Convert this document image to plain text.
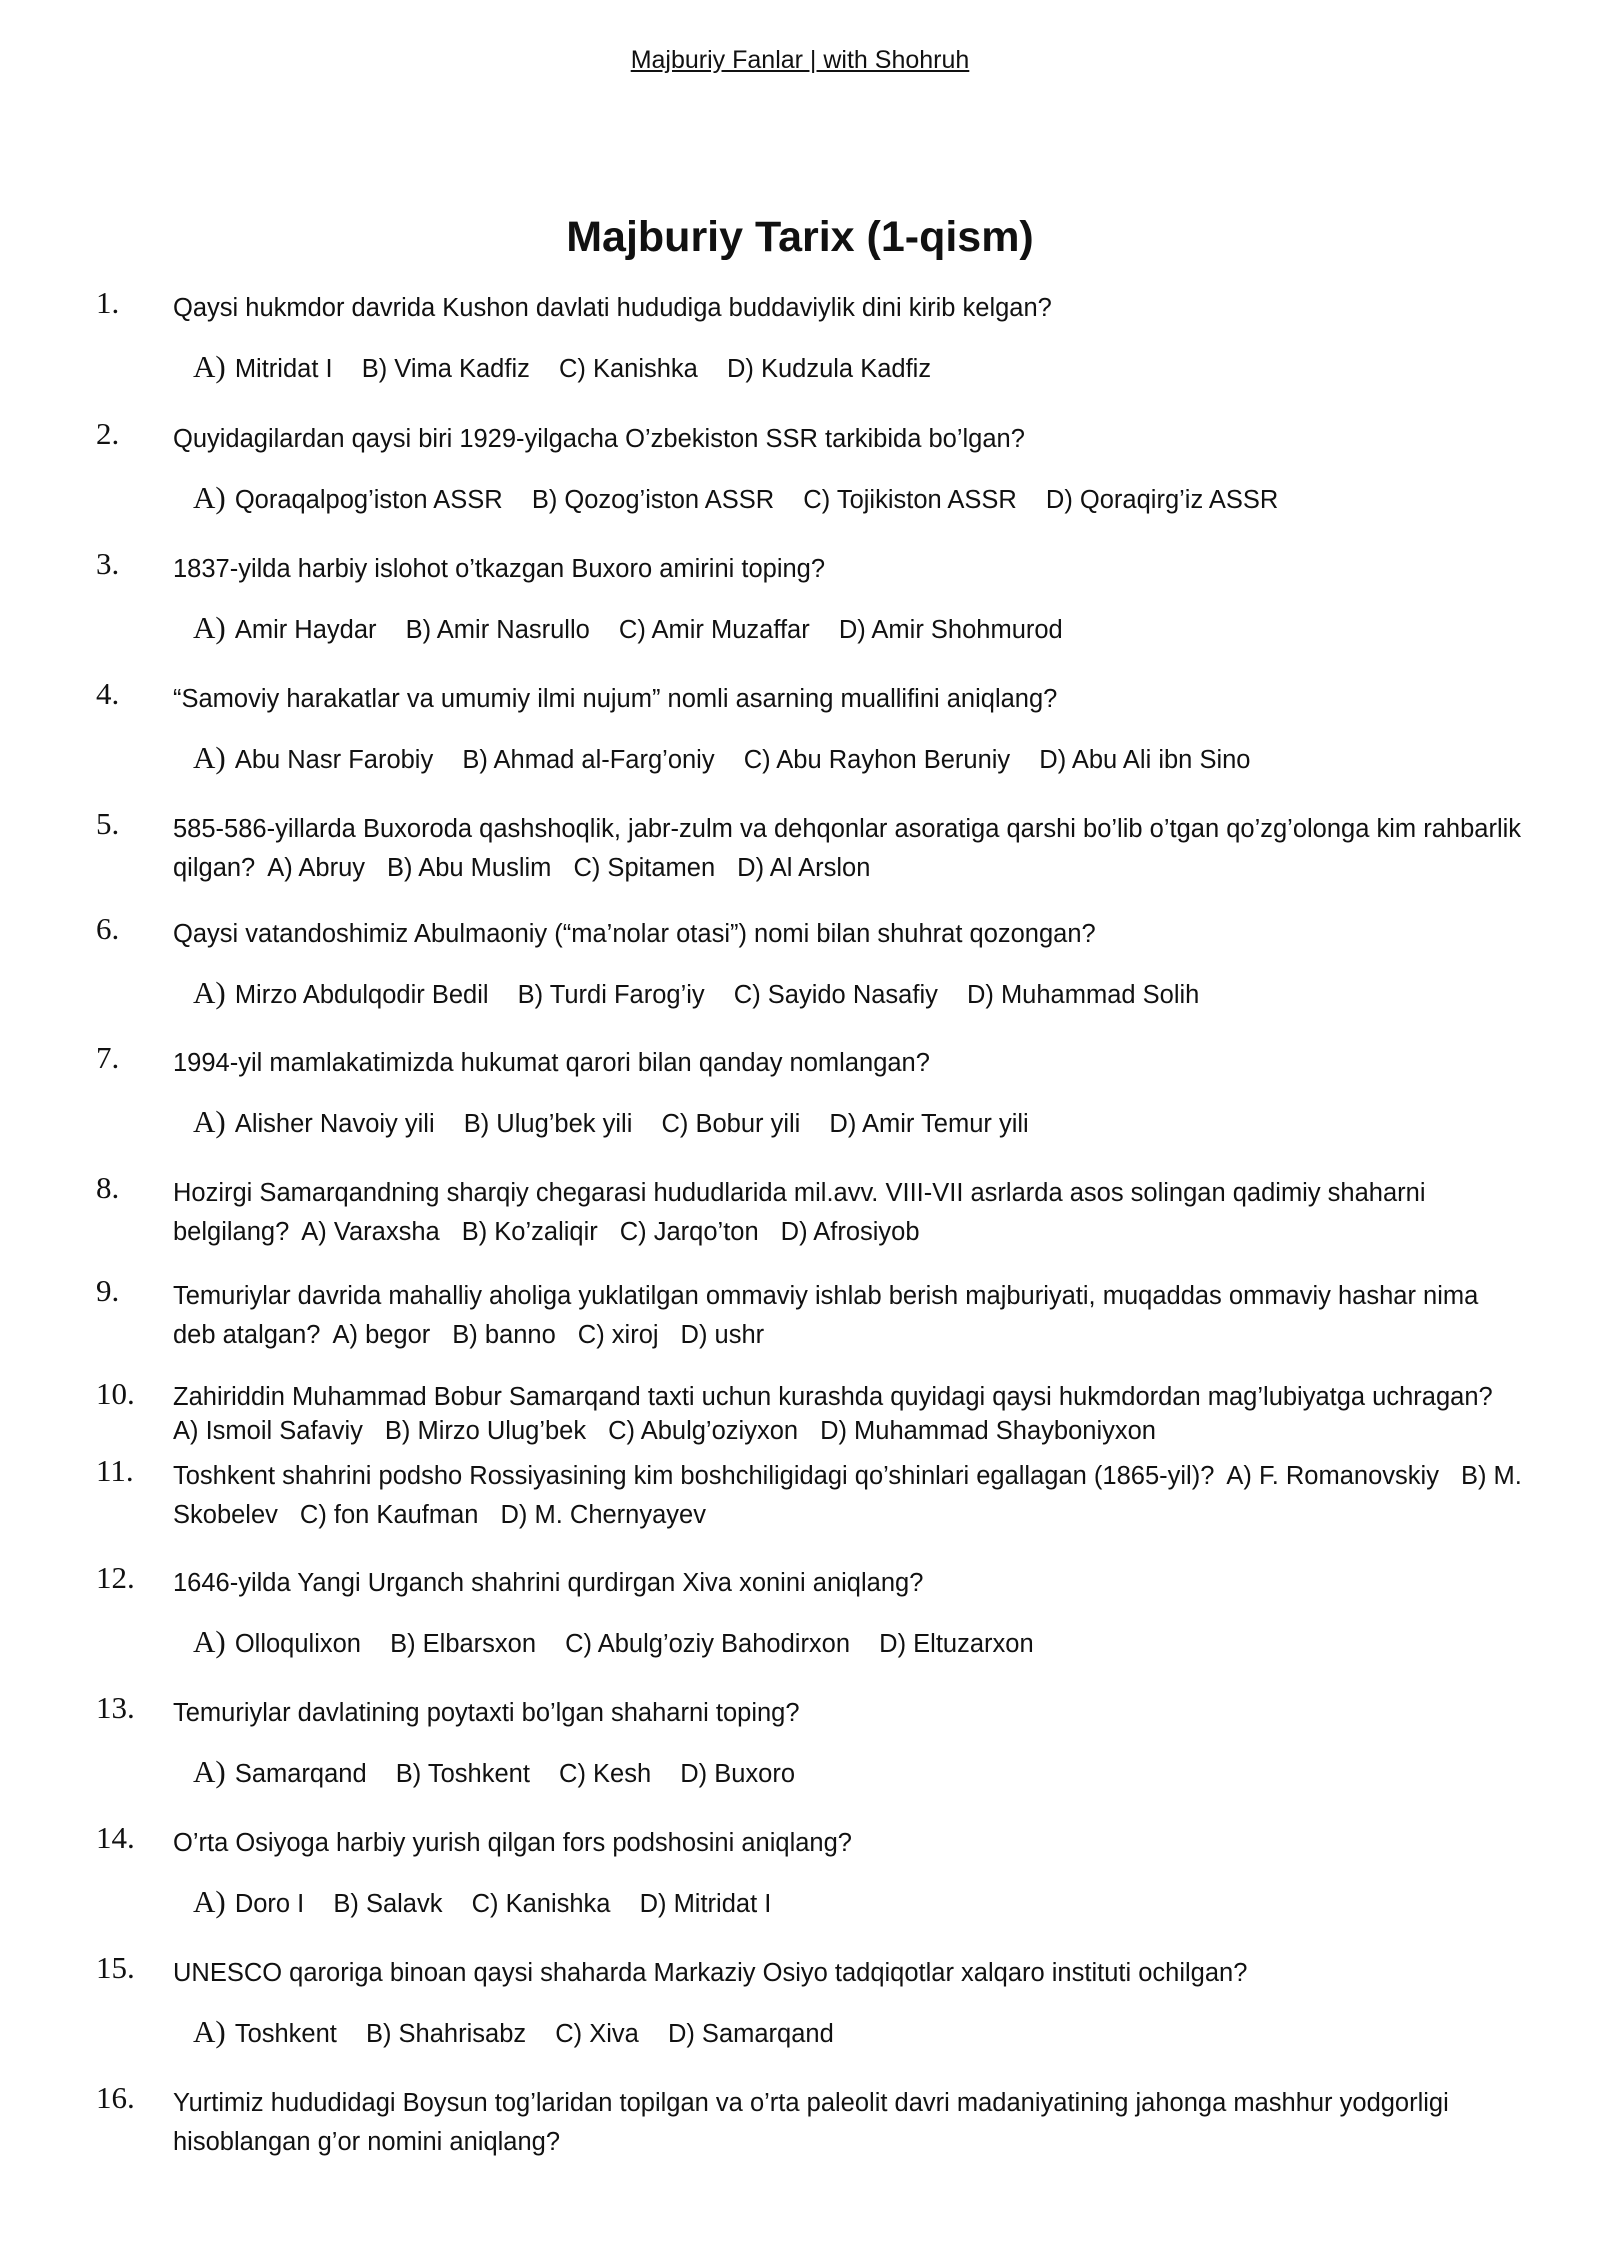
Majburiy Fanlar | with Shohruh
Majburiy Tarix (1-qism)
1.	Qaysi hukmdor davrida Kushon davlati hududiga buddaviylik dini kirib kelgan?
A) Mitridat I B) Vima Kadfiz C) Kanishka D) Kudzula Kadfiz
2.	Quyidagilardan qaysi biri 1929-yilgacha O’zbekiston SSR tarkibida bo’lgan?
A) Qoraqalpog’iston ASSR B) Qozog’iston ASSR C) Tojikiston ASSR D) Qoraqirg’iz ASSR
3.	1837-yilda harbiy islohot o’tkazgan Buxoro amirini toping?
A) Amir Haydar B) Amir Nasrullo C) Amir Muzaffar D) Amir Shohmurod
4.	“Samoviy harakatlar va umumiy ilmi nujum” nomli asarning muallifini aniqlang?
A) Abu Nasr Farobiy B) Ahmad al-Farg’oniy C) Abu Rayhon Beruniy D) Abu Ali ibn Sino
5.	585-586-yillarda Buxoroda qashshoqlik, jabr-zulm va dehqonlar asoratiga qarshi bo’lib o’tgan qo’zg’olonga kim rahbarlik qilgan? A) Abruy B) Abu Muslim C) Spitamen D) Al Arslon
6.	Qaysi vatandoshimiz Abulmaoniy (“ma’nolar otasi”) nomi bilan shuhrat qozongan?
A) Mirzo Abdulqodir Bedil B) Turdi Farog’iy C) Sayido Nasafiy D) Muhammad Solih
7.	1994-yil mamlakatimizda hukumat qarori bilan qanday nomlangan?
A) Alisher Navoiy yili B) Ulug’bek yili C) Bobur yili D) Amir Temur yili
8.	Hozirgi Samarqandning sharqiy chegarasi hududlarida mil.avv. VIII-VII asrlarda asos solingan qadimiy shaharni belgilang? A) Varaxsha B) Ko’zaliqir C) Jarqo’ton D) Afrosiyob
9.	Temuriylar davrida mahalliy aholiga yuklatilgan ommaviy ishlab berish majburiyati, muqaddas ommaviy hashar nima deb atalgan? A) begor B) banno C) xiroj D) ushr
10.	Zahiriddin Muhammad Bobur Samarqand taxti uchun kurashda quyidagi qaysi hukmdordan mag’lubiyatga uchragan?
A) Ismoil Safaviy B) Mirzo Ulug’bek C) Abulg’oziyxon D) Muhammad Shayboniyxon
11.	Toshkent shahrini podsho Rossiyasining kim boshchiligidagi qo’shinlari egallagan (1865-yil)? A) F. Romanovskiy B) M. Skobelev C) fon Kaufman D) M. Chernyayev
12.	1646-yilda Yangi Urganch shahrini qurdirgan Xiva xonini aniqlang?
A) Olloqulixon B) Elbarsxon C) Abulg’oziy Bahodirxon D) Eltuzarxon
13.	Temuriylar davlatining poytaxti bo’lgan shaharni toping?
A) Samarqand B) Toshkent C) Kesh D) Buxoro
14.	O’rta Osiyoga harbiy yurish qilgan fors podshosini aniqlang?
A) Doro I B) Salavk C) Kanishka D) Mitridat I
15.	UNESCO qaroriga binoan qaysi shaharda Markaziy Osiyo tadqiqotlar xalqaro instituti ochilgan?
A) Toshkent B) Shahrisabz C) Xiva D) Samarqand
16.	Yurtimiz hududidagi Boysun tog’laridan topilgan va o’rta paleolit davri madaniyatining jahonga mashhur yodgorligi hisoblangan g’or nomini aniqlang?
